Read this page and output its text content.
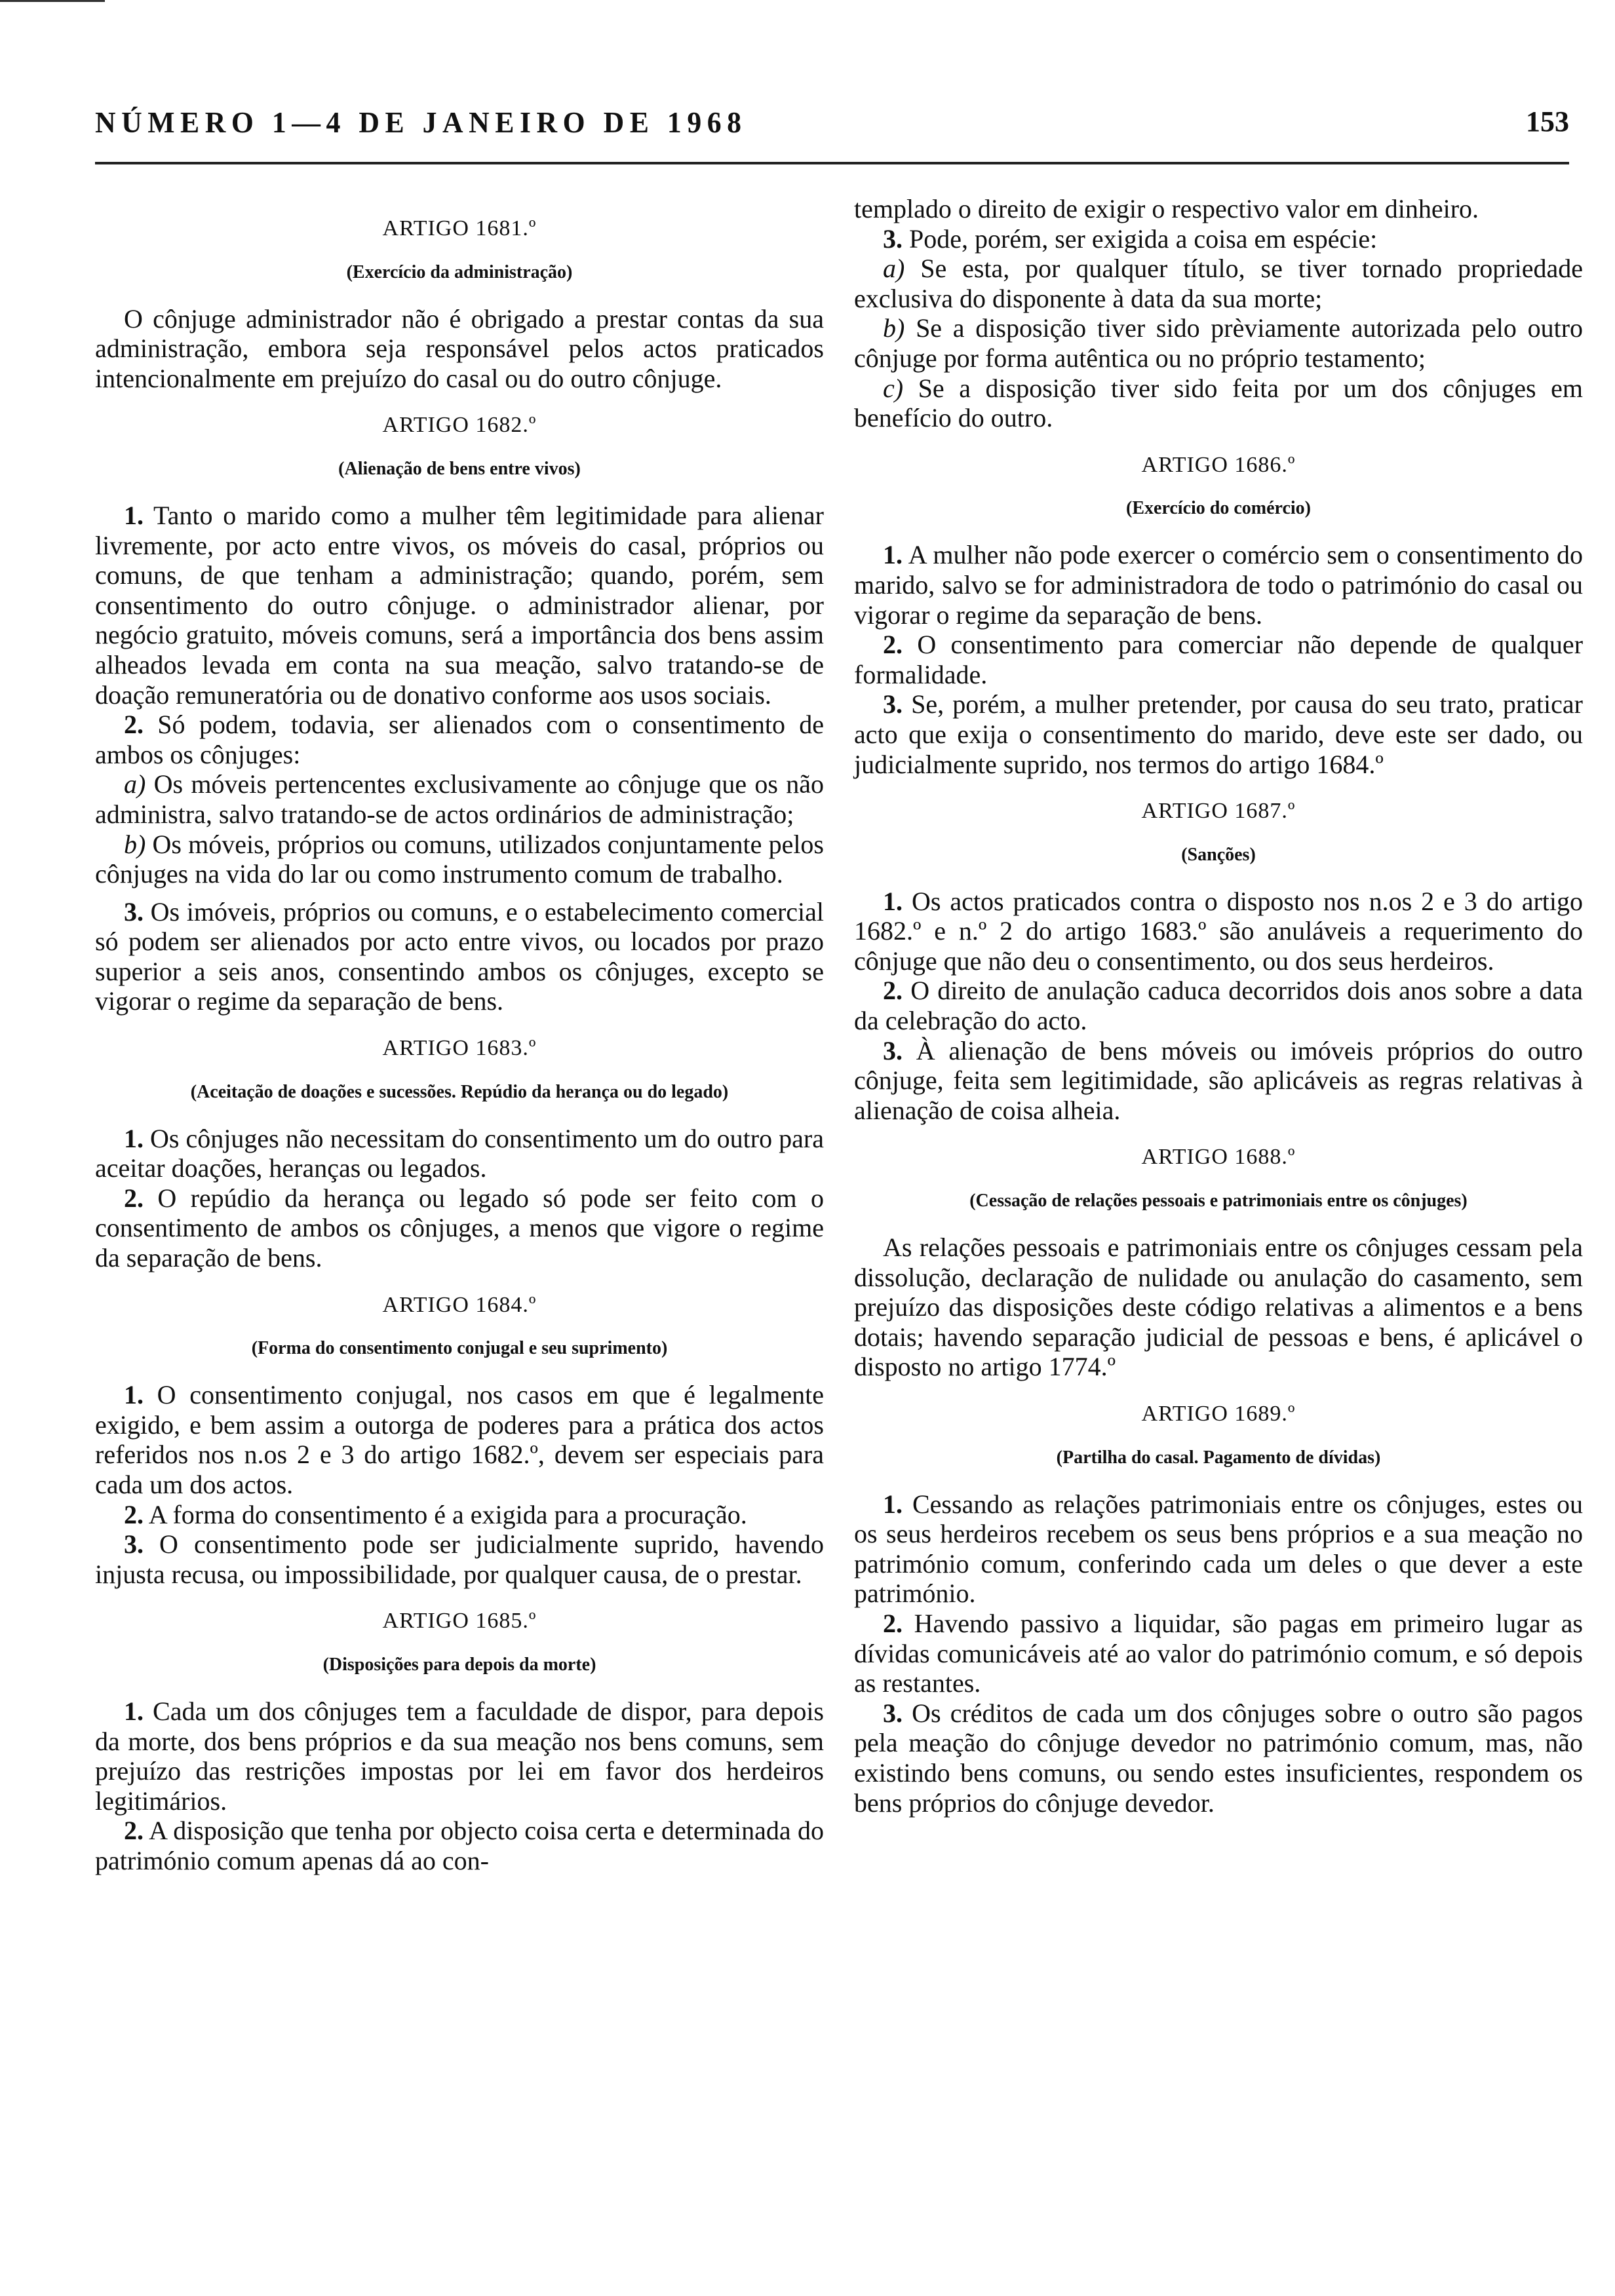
NÚMERO 1—4 DE JANEIRO DE 1968	153
ARTIGO 1681.º
(Exercício da administração)

O cônjuge administrador não é obrigado a prestar contas da sua administração, embora seja responsável pelos actos praticados intencionalmente em prejuízo do casal ou do outro cônjuge.

ARTIGO 1682.º
(Alienação de bens entre vivos)

1. Tanto o marido como a mulher têm legitimidade para alienar livremente, por acto entre vivos, os móveis do casal, próprios ou comuns, de que tenham a administração; quando, porém, sem consentimento do outro cônjuge. o administrador alienar, por negócio gratuito, móveis comuns, será a importância dos bens assim alheados levada em conta na sua meação, salvo tratando-se de doação remuneratória ou de donativo conforme aos usos sociais.

2. Só podem, todavia, ser alienados com o consentimento de ambos os cônjuges:

a) Os móveis pertencentes exclusivamente ao cônjuge que os não administra, salvo tratando-se de actos ordinários de administração;

b) Os móveis, próprios ou comuns, utilizados conjuntamente pelos cônjuges na vida do lar ou como instrumento comum de trabalho.

3. Os imóveis, próprios ou comuns, e o estabelecimento comercial só podem ser alienados por acto entre vivos, ou locados por prazo superior a seis anos, consentindo ambos os cônjuges, excepto se vigorar o regime da separação de bens.

ARTIGO 1683.º
(Aceitação de doações e sucessões. Repúdio da herança ou do legado)

1. Os cônjuges não necessitam do consentimento um do outro para aceitar doações, heranças ou legados.

2. O repúdio da herança ou legado só pode ser feito com o consentimento de ambos os cônjuges, a menos que vigore o regime da separação de bens.

ARTIGO 1684.º
(Forma do consentimento conjugal e seu suprimento)

1. O consentimento conjugal, nos casos em que é legalmente exigido, e bem assim a outorga de poderes para a prática dos actos referidos nos n.os 2 e 3 do artigo 1682.º, devem ser especiais para cada um dos actos.

2. A forma do consentimento é a exigida para a procuração.

3. O consentimento pode ser judicialmente suprido, havendo injusta recusa, ou impossibilidade, por qualquer causa, de o prestar.

ARTIGO 1685.º
(Disposições para depois da morte)

1. Cada um dos cônjuges tem a faculdade de dispor, para depois da morte, dos bens próprios e da sua meação nos bens comuns, sem prejuízo das restrições impostas por lei em favor dos herdeiros legitimários.

2. A disposição que tenha por objecto coisa certa e determinada do património comum apenas dá ao con-

templado o direito de exigir o respectivo valor em dinheiro.

3. Pode, porém, ser exigida a coisa em espécie:

a) Se esta, por qualquer título, se tiver tornado propriedade exclusiva do disponente à data da sua morte;

b) Se a disposição tiver sido prèviamente autorizada pelo outro cônjuge por forma autêntica ou no próprio testamento;

c) Se a disposição tiver sido feita por um dos cônjuges em benefício do outro.

ARTIGO 1686.º
(Exercício do comércio)

1. A mulher não pode exercer o comércio sem o consentimento do marido, salvo se for administradora de todo o património do casal ou vigorar o regime da separação de bens.

2. O consentimento para comerciar não depende de qualquer formalidade.

3. Se, porém, a mulher pretender, por causa do seu trato, praticar acto que exija o consentimento do marido, deve este ser dado, ou judicialmente suprido, nos termos do artigo 1684.º

ARTIGO 1687.º
(Sanções)

1. Os actos praticados contra o disposto nos n.os 2 e 3 do artigo 1682.º e n.º 2 do artigo 1683.º são anuláveis a requerimento do cônjuge que não deu o consentimento, ou dos seus herdeiros.

2. O direito de anulação caduca decorridos dois anos sobre a data da celebração do acto.

3. À alienação de bens móveis ou imóveis próprios do outro cônjuge, feita sem legitimidade, são aplicáveis as regras relativas à alienação de coisa alheia.

ARTIGO 1688.º
(Cessação de relações pessoais e patrimoniais entre os cônjuges)

As relações pessoais e patrimoniais entre os cônjuges cessam pela dissolução, declaração de nulidade ou anulação do casamento, sem prejuízo das disposições deste código relativas a alimentos e a bens dotais; havendo separação judicial de pessoas e bens, é aplicável o disposto no artigo 1774.º

ARTIGO 1689.º
(Partilha do casal. Pagamento de dívidas)

1. Cessando as relações patrimoniais entre os cônjuges, estes ou os seus herdeiros recebem os seus bens próprios e a sua meação no património comum, conferindo cada um deles o que dever a este património.

2. Havendo passivo a liquidar, são pagas em primeiro lugar as dívidas comunicáveis até ao valor do património comum, e só depois as restantes.

3. Os créditos de cada um dos cônjuges sobre o outro são pagos pela meação do cônjuge devedor no património comum, mas, não existindo bens comuns, ou sendo estes insuficientes, respondem os bens próprios do cônjuge devedor.
